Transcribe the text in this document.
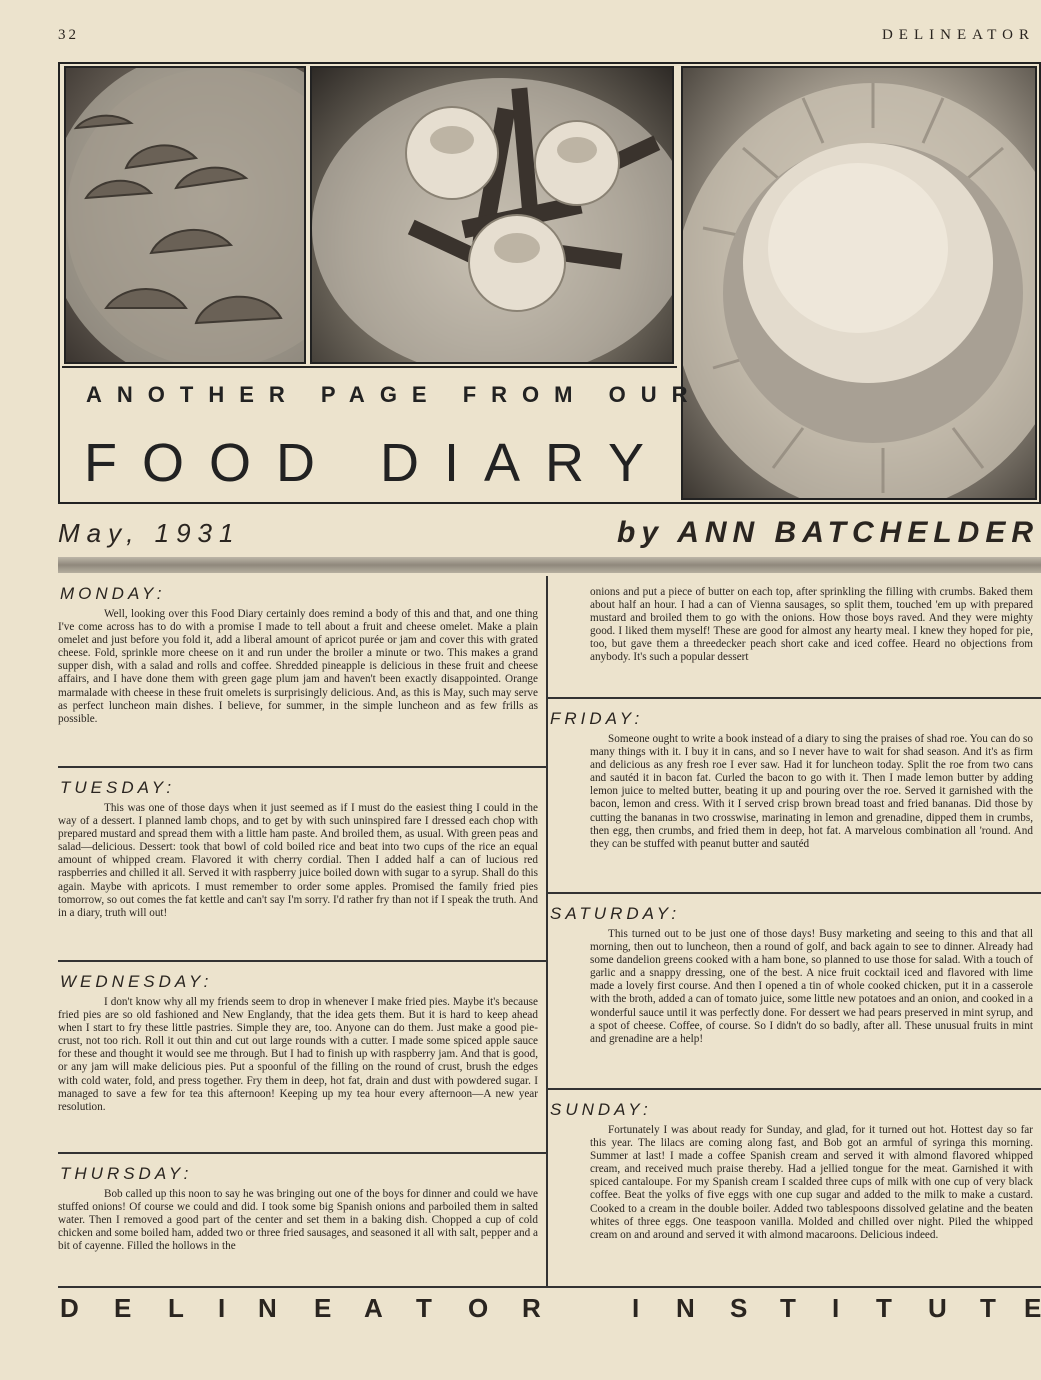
32	DELINEATOR
ANOTHER PAGE FROM OUR
FOOD DIARY
May, 1931	by ANN BATCHELDER
MONDAY:

Well, looking over this Food Diary certainly does remind a body of this and that, and one thing I've come across has to do with a promise I made to tell about a fruit and cheese omelet. Make a plain omelet and just before you fold it, add a liberal amount of apricot purée or jam and cover this with grated cheese. Fold, sprinkle more cheese on it and run under the broiler a minute or two. This makes a grand supper dish, with a salad and rolls and coffee. Shredded pineapple is delicious in these fruit and cheese affairs, and I have done them with green gage plum jam and haven't been exactly disappointed. Orange marmalade with cheese in these fruit omelets is surprisingly delicious. And, as this is May, such may serve as perfect luncheon main dishes. I believe, for summer, in the simple luncheon and as few frills as possible.

TUESDAY:

This was one of those days when it just seemed as if I must do the easiest thing I could in the way of a dessert. I planned lamb chops, and to get by with such uninspired fare I dressed each chop with prepared mustard and spread them with a little ham paste. And broiled them, as usual. With green peas and salad—delicious. Dessert: took that bowl of cold boiled rice and beat into two cups of the rice an equal amount of whipped cream. Flavored it with cherry cordial. Then I added half a can of lucious red raspberries and chilled it all. Served it with raspberry juice boiled down with sugar to a syrup. Shall do this again. Maybe with apricots. I must remember to order some apples. Promised the family fried pies tomorrow, so out comes the fat kettle and can't say I'm sorry. I'd rather fry than not if I speak the truth. And in a diary, truth will out!

WEDNESDAY:

I don't know why all my friends seem to drop in whenever I make fried pies. Maybe it's because fried pies are so old fashioned and New Englandy, that the idea gets them. But it is hard to keep ahead when I start to fry these little pastries. Simple they are, too. Anyone can do them. Just make a good pie-crust, not too rich. Roll it out thin and cut out large rounds with a cutter. I made some spiced apple sauce for these and thought it would see me through. But I had to finish up with raspberry jam. And that is good, or any jam will make delicious pies. Put a spoonful of the filling on the round of crust, brush the edges with cold water, fold, and press together. Fry them in deep, hot fat, drain and dust with powdered sugar. I managed to save a few for tea this afternoon! Keeping up my tea hour every afternoon—A new year resolution.

THURSDAY:

Bob called up this noon to say he was bringing out one of the boys for dinner and could we have stuffed onions! Of course we could and did. I took some big Spanish onions and parboiled them in salted water. Then I removed a good part of the center and set them in a baking dish. Chopped a cup of cold chicken and some boiled ham, added two or three fried sausages, and seasoned it all with salt, pepper and a bit of cayenne. Filled the hollows in the

onions and put a piece of butter on each top, after sprinkling the filling with crumbs. Baked them about half an hour. I had a can of Vienna sausages, so split them, touched 'em up with prepared mustard and broiled them to go with the onions. How those boys raved. And they were mighty good. I liked them myself! These are good for almost any hearty meal. I knew they hoped for pie, too, but gave them a threedecker peach short cake and iced coffee. Heard no objections from anybody. It's such a popular dessert

FRIDAY:

Someone ought to write a book instead of a diary to sing the praises of shad roe. You can do so many things with it. I buy it in cans, and so I never have to wait for shad season. And it's as firm and delicious as any fresh roe I ever saw. Had it for luncheon today. Split the roe from two cans and sautéd it in bacon fat. Curled the bacon to go with it. Then I made lemon butter by adding lemon juice to melted butter, beating it up and pouring over the roe. Served it garnished with the bacon, lemon and cress. With it I served crisp brown bread toast and fried bananas. Did those by cutting the bananas in two crosswise, marinating in lemon and grenadine, dipped them in crumbs, then egg, then crumbs, and fried them in deep, hot fat. A marvelous combination all 'round. And they can be stuffed with peanut butter and sautéd

SATURDAY:

This turned out to be just one of those days! Busy marketing and seeing to this and that all morning, then out to luncheon, then a round of golf, and back again to see to dinner. Already had some dandelion greens cooked with a ham bone, so planned to use those for salad. With a touch of garlic and a snappy dressing, one of the best. A nice fruit cocktail iced and flavored with lime made a lovely first course. And then I opened a tin of whole cooked chicken, put it in a casserole with the broth, added a can of tomato juice, some little new potatoes and an onion, and cooked in a wonderful sauce until it was perfectly done. For dessert we had pears preserved in mint syrup, and a spot of cheese. Coffee, of course. So I didn't do so badly, after all. These unusual fruits in mint and grenadine are a help!

SUNDAY:

Fortunately I was about ready for Sunday, and glad, for it turned out hot. Hottest day so far this year. The lilacs are coming along fast, and Bob got an armful of syringa this morning. Summer at last! I made a coffee Spanish cream and served it with almond flavored whipped cream, and received much praise thereby. Had a jellied tongue for the meat. Garnished it with spiced cantaloupe. For my Spanish cream I scalded three cups of milk with one cup of very black coffee. Beat the yolks of five eggs with one cup sugar and added to the milk to make a custard. Cooked to a cream in the double boiler. Added two tablespoons dissolved gelatine and the beaten whites of three eggs. One teaspoon vanilla. Molded and chilled over night. Piled the whipped cream on and around and served it with almond macaroons. Delicious indeed.

D E L I N E A T O R	I N S T I T U T E
